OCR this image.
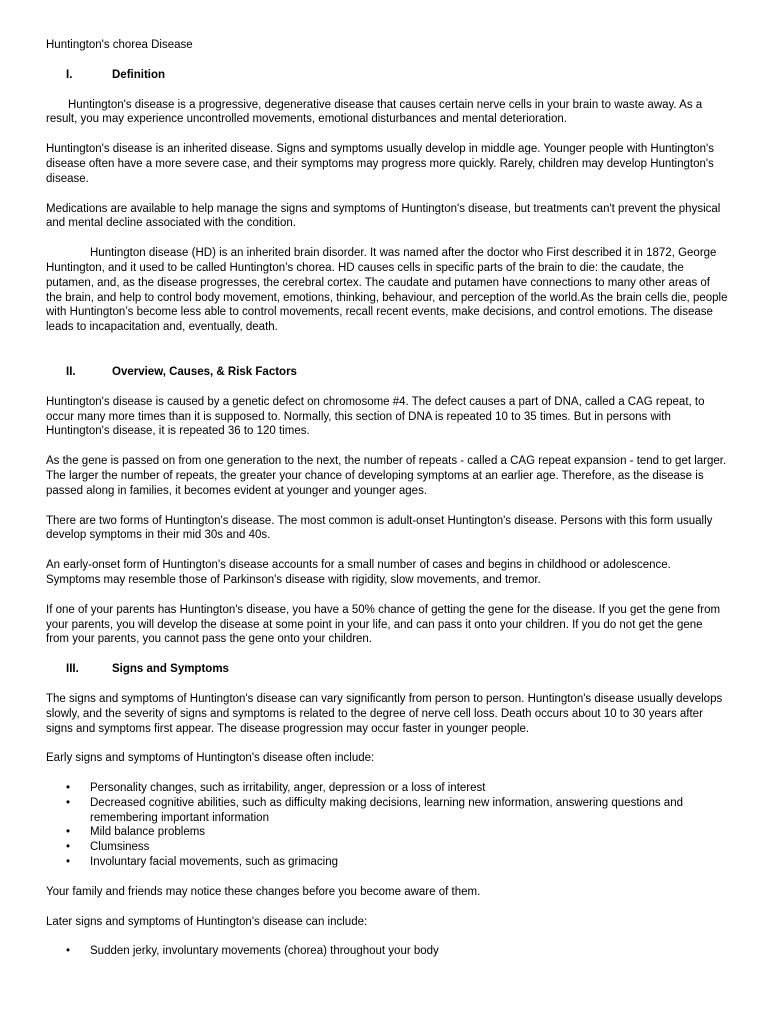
Huntington's chorea Disease

I.	Definition

Huntington's disease is a progressive, degenerative disease that causes certain nerve cells in your brain to waste away. As a result, you may experience uncontrolled movements, emotional disturbances and mental deterioration.

Huntington's disease is an inherited disease. Signs and symptoms usually develop in middle age. Younger people with Huntington's disease often have a more severe case, and their symptoms may progress more quickly. Rarely, children may develop Huntington's disease.

Medications are available to help manage the signs and symptoms of Huntington's disease, but treatments can't prevent the physical and mental decline associated with the condition.

Huntington disease (HD) is an inherited brain disorder. It was named after the doctor who First described it in 1872, George Huntington, and it used to be called Huntington’s chorea. HD causes cells in specific parts of the brain to die: the caudate, the putamen, and, as the disease progresses, the cerebral cortex. The caudate and putamen have connections to many other areas of the brain, and help to control body movement, emotions, thinking, behaviour, and perception of the world.As the brain cells die, people with Huntington’s become less able to control movements, recall recent events, make decisions, and control emotions. The disease leads to incapacitation and, eventually, death.

II.	Overview, Causes, & Risk Factors

Huntington's disease is caused by a genetic defect on chromosome #4. The defect causes a part of DNA, called a CAG repeat, to occur many more times than it is supposed to. Normally, this section of DNA is repeated 10 to 35 times. But in persons with Huntington's disease, it is repeated 36 to 120 times.

As the gene is passed on from one generation to the next, the number of repeats - called a CAG repeat expansion - tend to get larger. The larger the number of repeats, the greater your chance of developing symptoms at an earlier age. Therefore, as the disease is passed along in families, it becomes evident at younger and younger ages.

There are two forms of Huntington's disease. The most common is adult-onset Huntington's disease. Persons with this form usually develop symptoms in their mid 30s and 40s.

An early-onset form of Huntington's disease accounts for a small number of cases and begins in childhood or adolescence. Symptoms may resemble those of Parkinson's disease with rigidity, slow movements, and tremor.

If one of your parents has Huntington's disease, you have a 50% chance of getting the gene for the disease. If you get the gene from your parents, you will develop the disease at some point in your life, and can pass it onto your children. If you do not get the gene from your parents, you cannot pass the gene onto your children.

III.	Signs and Symptoms

The signs and symptoms of Huntington's disease can vary significantly from person to person. Huntington's disease usually develops slowly, and the severity of signs and symptoms is related to the degree of nerve cell loss. Death occurs about 10 to 30 years after signs and symptoms first appear. The disease progression may occur faster in younger people.

Early signs and symptoms of Huntington's disease often include:

•
Personality changes, such as irritability, anger, depression or a loss of interest
•
Decreased cognitive abilities, such as difficulty making decisions, learning new information, answering questions and remembering important information
•
Mild balance problems
•
Clumsiness
•
Involuntary facial movements, such as grimacing

Your family and friends may notice these changes before you become aware of them.

Later signs and symptoms of Huntington's disease can include:

•
Sudden jerky, involuntary movements (chorea) throughout your body
